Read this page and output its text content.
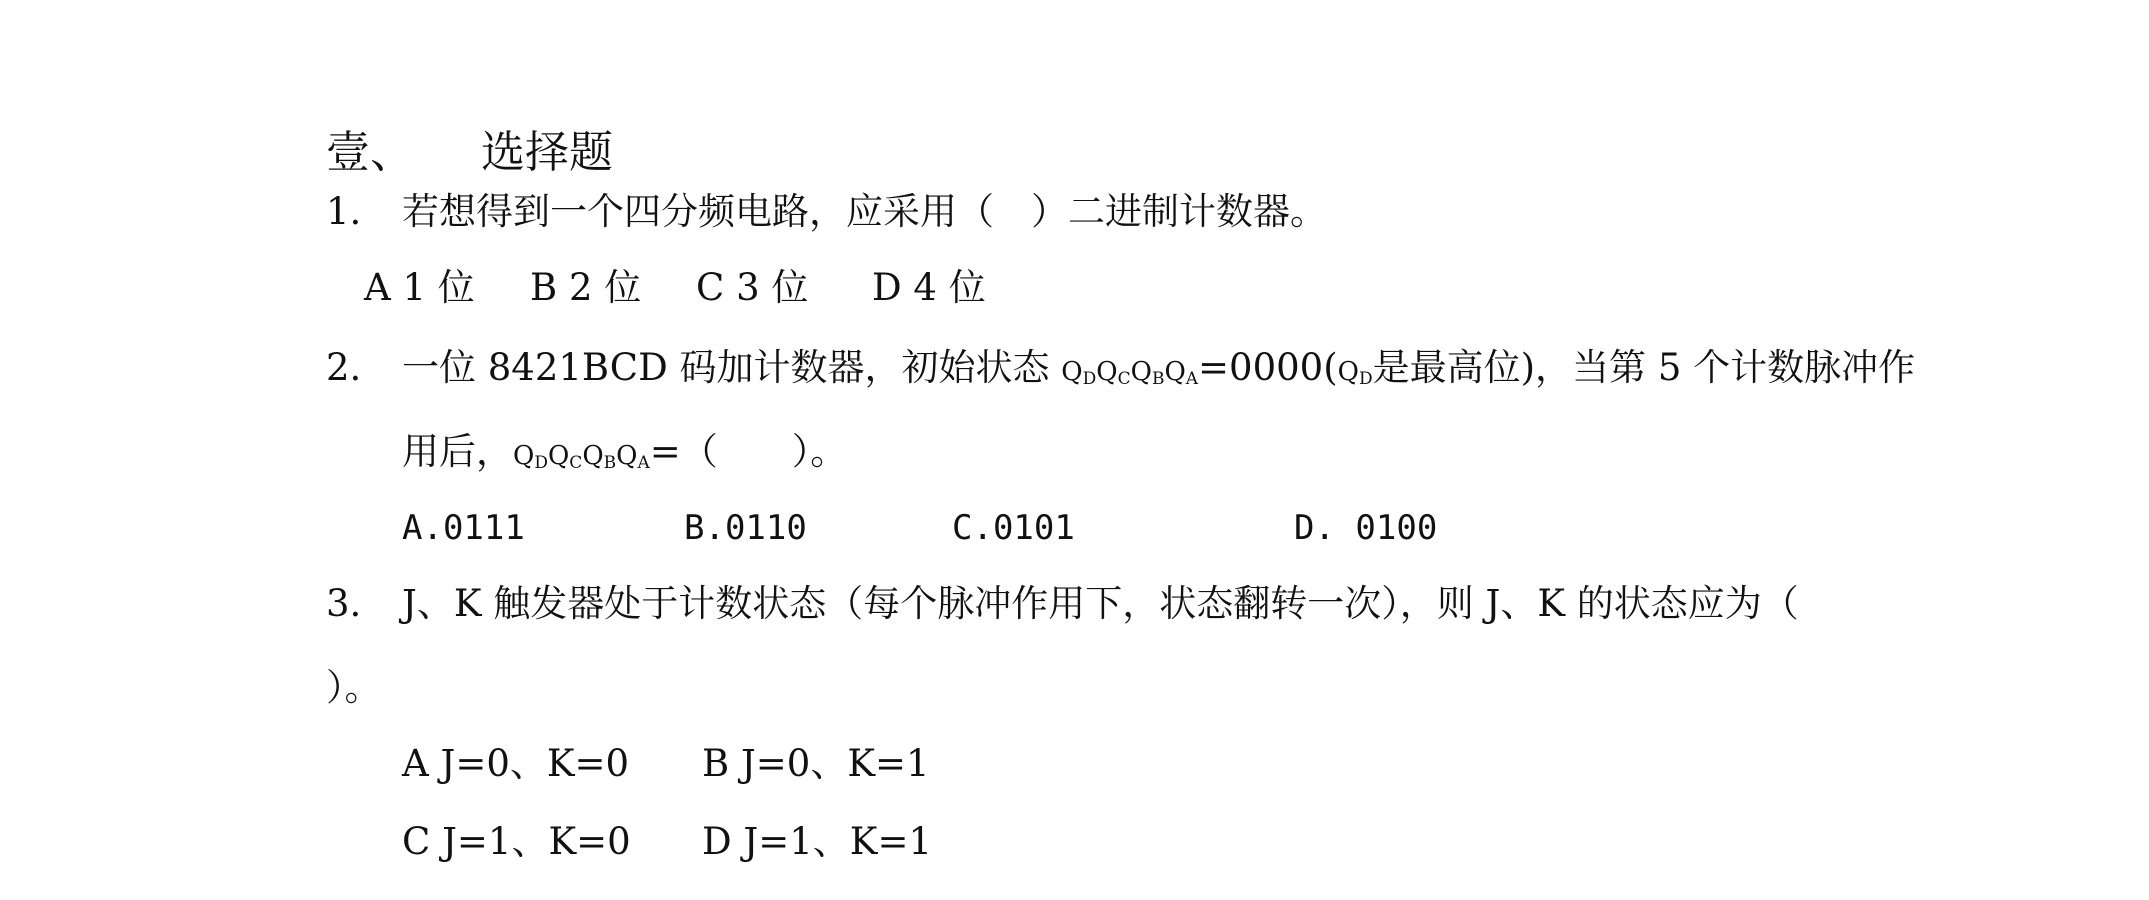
壹、 选择题
1. 若想得到一个四分频电路，应采用（　）二进制计数器。
A 1 位 B 2 位 C 3 位 D 4 位
2. 一位 8421BCD 码加计数器，初始状态 $Q_DQ_CQ_BQ_A=0000(Q_D$是最高位)，当第 5 个计数脉冲作
用后，$Q_DQ_CQ_BQ_A=$（　　）。
A.0111	B.0110	C.0101	D. 0100
3. J、K 触发器处于计数状态（每个脉冲作用下，状态翻转一次），则 J、K 的状态应为（
）。
A J=0、K=0 B J=0、K=1
C J=1、K=0 D J=1、K=1
